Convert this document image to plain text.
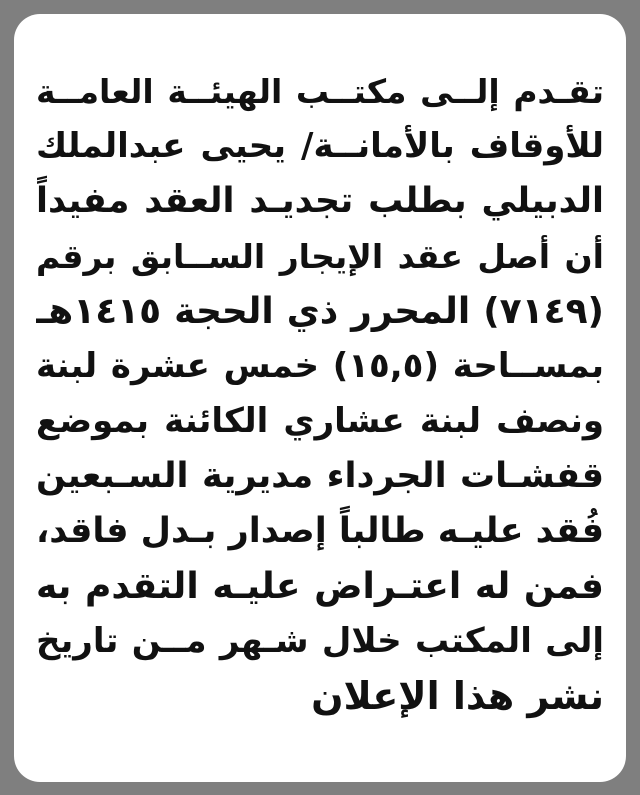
تقـدم إلــى مكتــب الهيئــة العامــة
للأوقاف بالأمانــة/ يحيى عبدالملك
الدبيلي بطلب تجديـد العقد مفيداً
أن أصل عقد الإيجار الســابق برقم
(٧١٤٩) المحرر ذي الحجة ١٤١٥هـ
بمســاحة (١٥,٥) خمس عشرة لبنة
ونصف لبنة عشاري الكائنة بموضع
قفشـات الجرداء مديرية السـبعين
فُقد عليـه طالباً إصدار بـدل فاقد،
فمن له اعتـراض عليـه التقدم به
إلى المكتب خلال شـهر مــن تاريخ
نشر هذا الإعلان
